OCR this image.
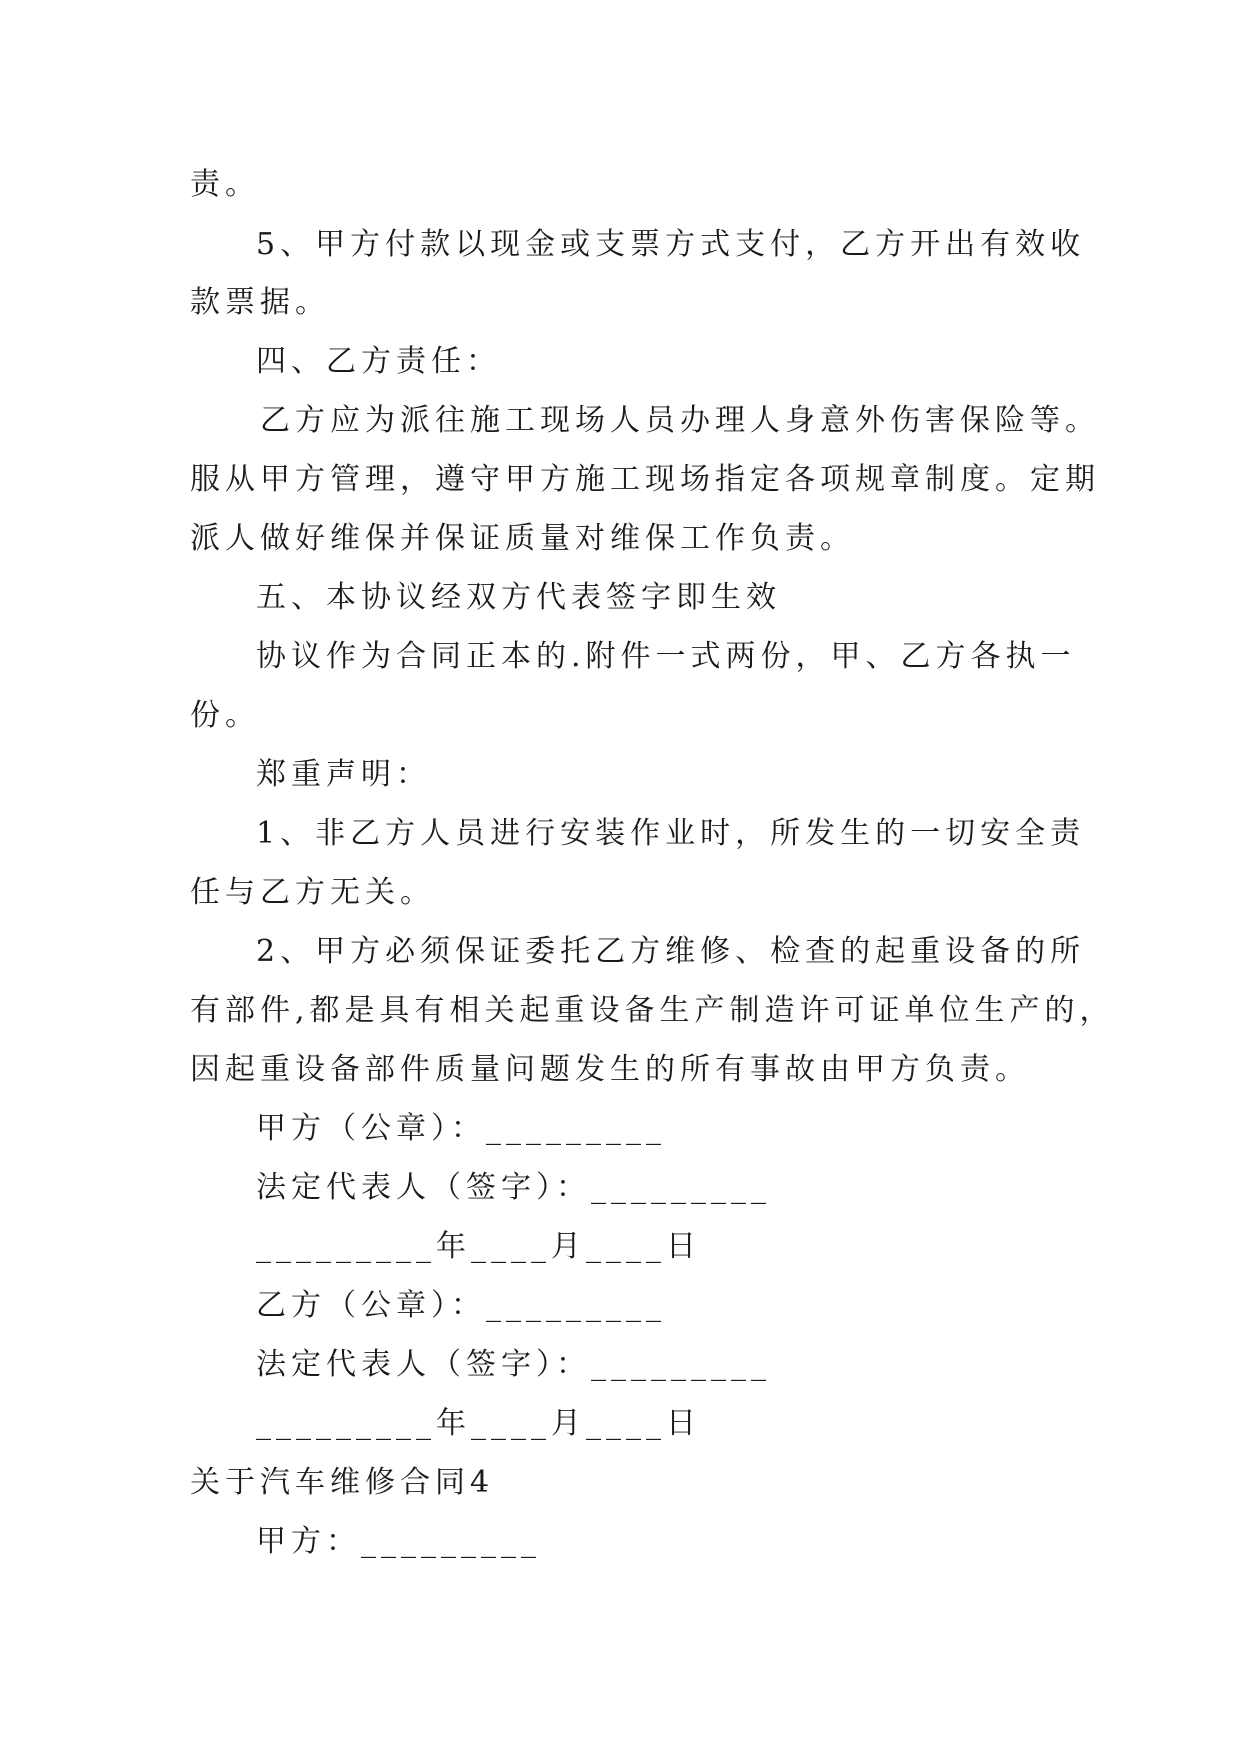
责。
5、甲方付款以现金或支票方式支付，乙方开出有效收
款票据。
四、乙方责任：
乙方应为派往施工现场人员办理人身意外伤害保险等。
服从甲方管理，遵守甲方施工现场指定各项规章制度。定期
派人做好维保并保证质量对维保工作负责。
五、本协议经双方代表签字即生效
协议作为合同正本的.附件一式两份，甲、乙方各执一
份。
郑重声明：
1、非乙方人员进行安装作业时，所发生的一切安全责
任与乙方无关。
2、甲方必须保证委托乙方维修、检查的起重设备的所
有部件,都是具有相关起重设备生产制造许可证单位生产的，
因起重设备部件质量问题发生的所有事故由甲方负责。
甲方（公章）：_________
法定代表人（签字）：_________
_________年____月____日
乙方（公章）：_________
法定代表人（签字）：_________
_________年____月____日
关于汽车维修合同4
甲方：_________
